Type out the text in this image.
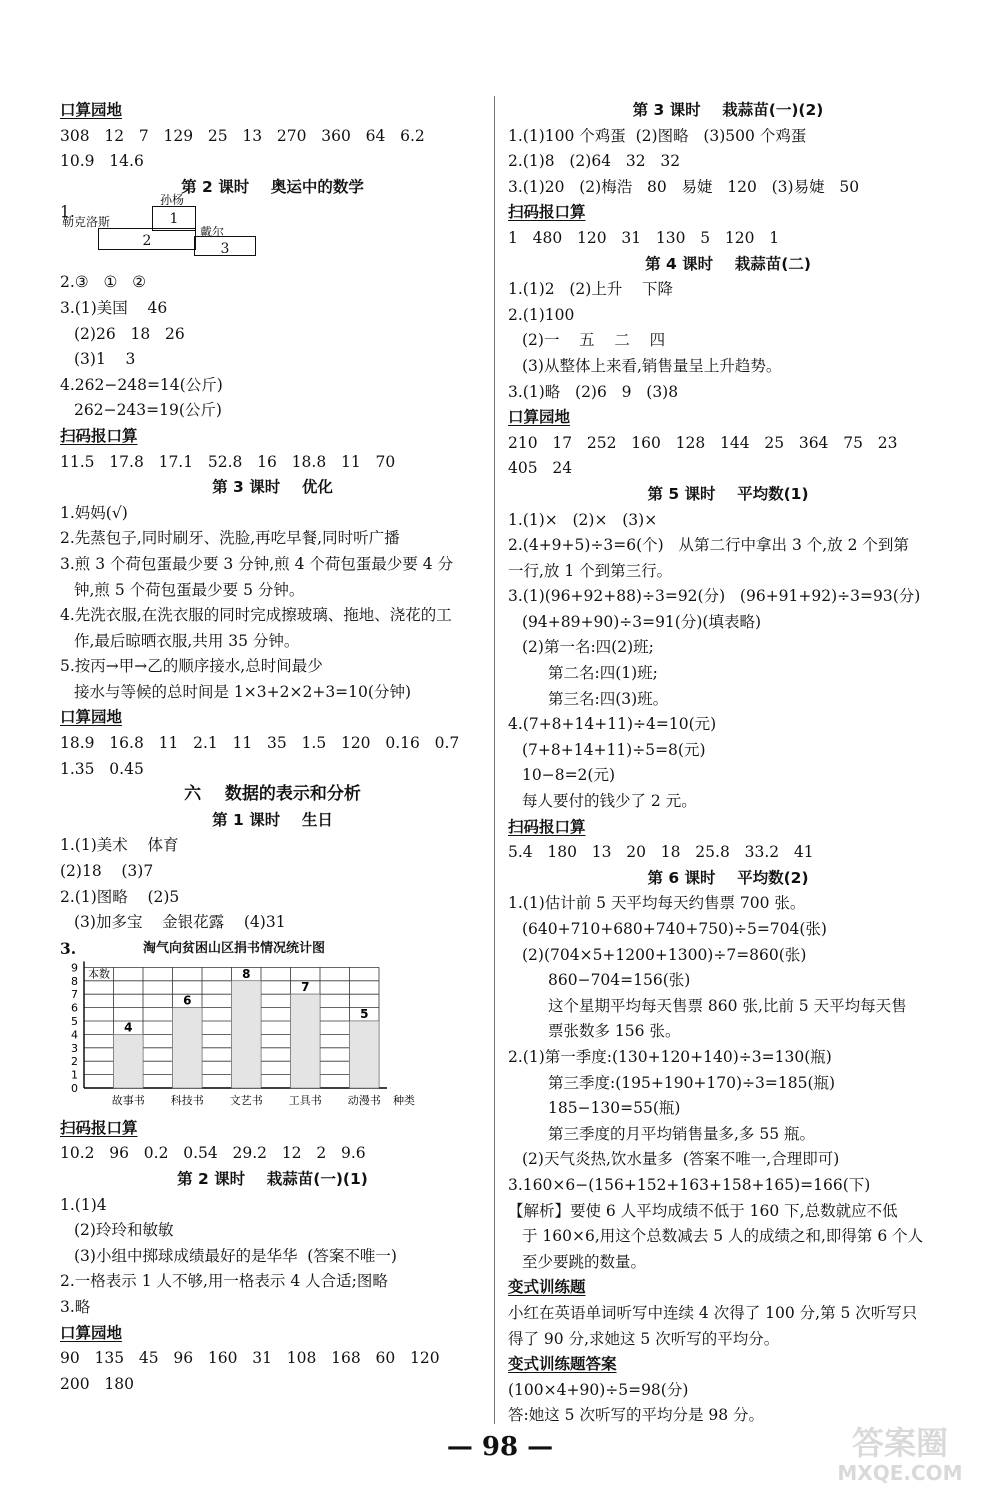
口算园地
308   12   7   129   25   13   270   360   64   6.2
10.9   14.6
第 2 课时    奥运中的数学
1.
孙杨
勒克洛斯
戴尔
1
2	3
2.③   ①   ②
3.(1)美国    46
(2)26   18   26
(3)1    3
4.262−248=14(公斤)
262−243=19(公斤)
扫码报口算
11.5   17.8   17.1   52.8   16   18.8   11   70
第 3 课时    优化
1.妈妈(√)
2.先蒸包子,同时刷牙、洗脸,再吃早餐,同时听广播
3.煎 3 个荷包蛋最少要 3 分钟,煎 4 个荷包蛋最少要 4 分
钟,煎 5 个荷包蛋最少要 5 分钟。
4.先洗衣服,在洗衣服的同时完成擦玻璃、拖地、浇花的工
作,最后晾晒衣服,共用 35 分钟。
5.按丙→甲→乙的顺序接水,总时间最少
接水与等候的总时间是 1×3+2×2+3=10(分钟)
口算园地
18.9   16.8   11   2.1   11   35   1.5   120   0.16   0.7
1.35   0.45
六    数据的表示和分析
第 1 课时    生日
1.(1)美术    体育
(2)18    (3)7
2.(1)图略    (2)5
(3)加多宝    金银花露    (4)31
3.	淘气向贫困山区捐书情况统计图
0
1
2
3
4
5
6
7
8
9 本数
4
故事书
6
科技书
8
文艺书
7
工具书
5
动漫书 种类
扫码报口算
10.2   96   0.2   0.54   29.2   12   2   9.6
第 2 课时    栽蒜苗(一)(1)
1.(1)4
(2)玲玲和敏敏
(3)小组中掷球成绩最好的是华华  (答案不唯一)
2.一格表示 1 人不够,用一格表示 4 人合适;图略
3.略
口算园地
90   135   45   96   160   31   108   168   60   120
200   180
第 3 课时    栽蒜苗(一)(2)
1.(1)100 个鸡蛋  (2)图略   (3)500 个鸡蛋
2.(1)8   (2)64   32   32
3.(1)20   (2)梅浩   80   易婕   120   (3)易婕   50
扫码报口算
1   480   120   31   130   5   120   1
第 4 课时    栽蒜苗(二)
1.(1)2   (2)上升    下降
2.(1)100
(2)一    五    二    四
(3)从整体上来看,销售量呈上升趋势。
3.(1)略   (2)6   9   (3)8
口算园地
210   17   252   160   128   144   25   364   75   23
405   24
第 5 课时    平均数(1)
1.(1)×   (2)×   (3)×
2.(4+9+5)÷3=6(个)   从第二行中拿出 3 个,放 2 个到第
一行,放 1 个到第三行。
3.(1)(96+92+88)÷3=92(分)   (96+91+92)÷3=93(分)
(94+89+90)÷3=91(分)(填表略)
(2)第一名:四(2)班;
第二名:四(1)班;
第三名:四(3)班。
4.(7+8+14+11)÷4=10(元)
(7+8+14+11)÷5=8(元)
10−8=2(元)
每人要付的钱少了 2 元。
扫码报口算
5.4   180   13   20   18   25.8   33.2   41
第 6 课时    平均数(2)
1.(1)估计前 5 天平均每天约售票 700 张。
(640+710+680+740+750)÷5=704(张)
(2)(704×5+1200+1300)÷7=860(张)
860−704=156(张)
这个星期平均每天售票 860 张,比前 5 天平均每天售
票张数多 156 张。
2.(1)第一季度:(130+120+140)÷3=130(瓶)
第三季度:(195+190+170)÷3=185(瓶)
185−130=55(瓶)
第三季度的月平均销售量多,多 55 瓶。
(2)天气炎热,饮水量多  (答案不唯一,合理即可)
3.160×6−(156+152+163+158+165)=166(下)
【解析】要使 6 人平均成绩不低于 160 下,总数就应不低
于 160×6,用这个总数减去 5 人的成绩之和,即得第 6 个人
至少要跳的数量。
变式训练题
小红在英语单词听写中连续 4 次得了 100 分,第 5 次听写只
得了 90 分,求她这 5 次听写的平均分。
变式训练题答案
(100×4+90)÷5=98(分)
答:她这 5 次听写的平均分是 98 分。
— 98 —	答案圈
MXQE.COM
